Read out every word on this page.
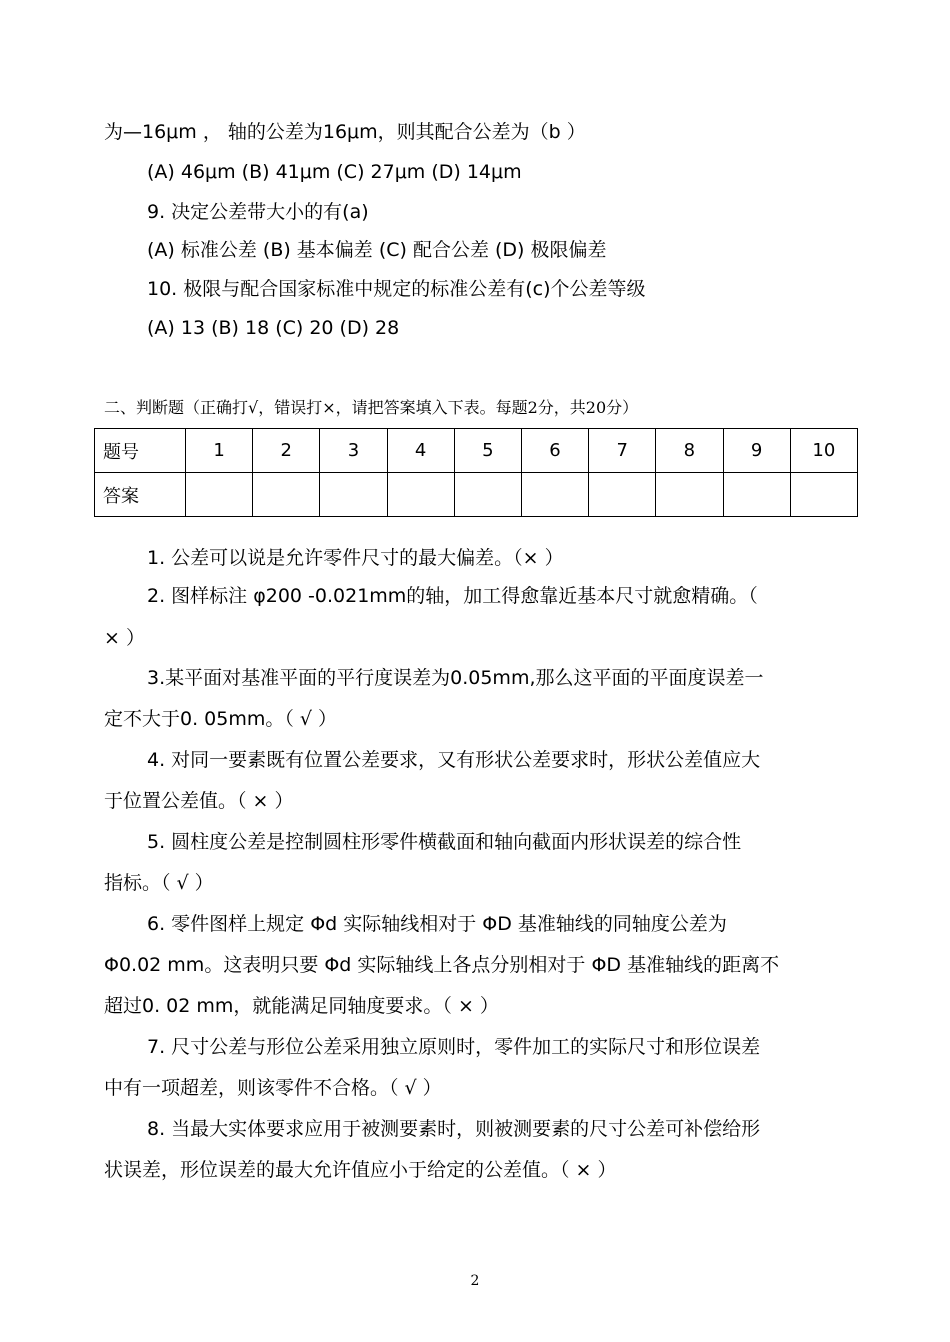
为—16μm ， 轴的公差为16μm，则其配合公差为（b ）
(A) 46μm (B) 41μm (C) 27μm (D) 14μm
9. 决定公差带大小的有(a)
(A) 标准公差 (B) 基本偏差 (C) 配合公差 (D) 极限偏差
10. 极限与配合国家标准中规定的标准公差有(c)个公差等级
(A) 13 (B) 18 (C) 20 (D) 28
二、判断题（正确打√，错误打×，请把答案填入下表。每题2分，共20分）
题号	1	2	3	4	5	6	7	8	9	10
答案										
1. 公差可以说是允许零件尺寸的最大偏差。（× ）
2. 图样标注 φ200 -0.021mm的轴，加工得愈靠近基本尺寸就愈精确。（
× ）
3.某平面对基准平面的平行度误差为0.05mm,那么这平面的平面度误差一
定不大于0. 05mm。（ √ ）
4. 对同一要素既有位置公差要求，又有形状公差要求时，形状公差值应大
于位置公差值。（ × ）
5. 圆柱度公差是控制圆柱形零件横截面和轴向截面内形状误差的综合性
指标。（ √ ）
6. 零件图样上规定 Φd 实际轴线相对于 ΦD 基准轴线的同轴度公差为
Φ0.02 mm。这表明只要 Φd 实际轴线上各点分别相对于 ΦD 基准轴线的距离不
超过0. 02 mm，就能满足同轴度要求。（ × ）
7. 尺寸公差与形位公差采用独立原则时，零件加工的实际尺寸和形位误差
中有一项超差，则该零件不合格。（ √ ）
8. 当最大实体要求应用于被测要素时，则被测要素的尺寸公差可补偿给形
状误差，形位误差的最大允许值应小于给定的公差值。（ × ）
2
